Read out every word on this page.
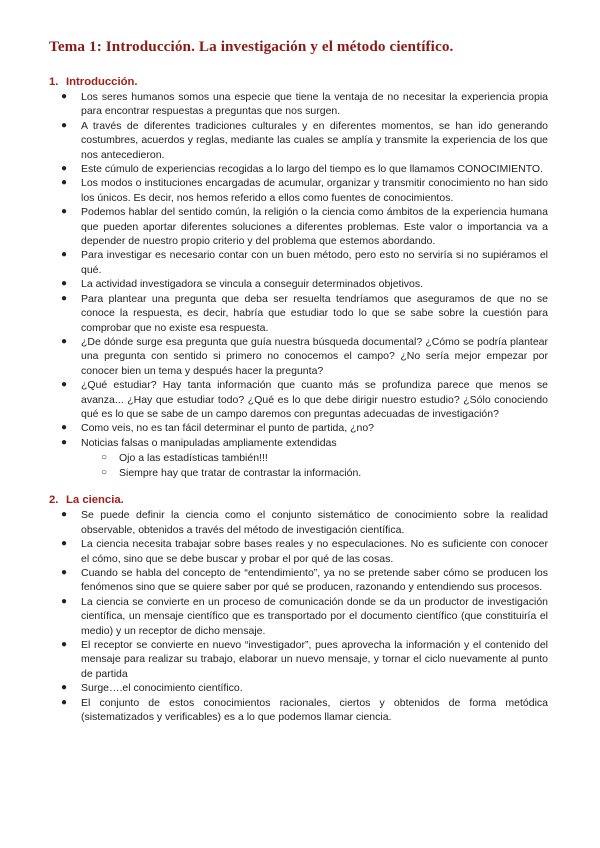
Tema 1: Introducción. La investigación y el método científico.
1. Introducción.
● Los seres humanos somos una especie que tiene la ventaja de no necesitar la experiencia propia para encontrar respuestas a preguntas que nos surgen.
● A través de diferentes tradiciones culturales y en diferentes momentos, se han ido generando costumbres, acuerdos y reglas, mediante las cuales se amplía y transmite la experiencia de los que nos antecedieron.
● Este cúmulo de experiencias recogidas a lo largo del tiempo es lo que llamamos CONOCIMIENTO.
● Los modos o instituciones encargadas de acumular, organizar y transmitir conocimiento no han sido los únicos. Es decir, nos hemos referido a ellos como fuentes de conocimientos.
● Podemos hablar del sentido común, la religión o la ciencia como ámbitos de la experiencia humana que pueden aportar diferentes soluciones a diferentes problemas. Este valor o importancia va a depender de nuestro propio criterio y del problema que estemos abordando.
● Para investigar es necesario contar con un buen método, pero esto no serviría si no supiéramos el qué.
● La actividad investigadora se vincula a conseguir determinados objetivos.
● Para plantear una pregunta que deba ser resuelta tendríamos que aseguramos de que no se conoce la respuesta, es decir, habría que estudiar todo lo que se sabe sobre la cuestión para comprobar que no existe esa respuesta.
● ¿De dónde surge esa pregunta que guía nuestra búsqueda documental? ¿Cómo se podría plantear una pregunta con sentido si primero no conocemos el campo? ¿No sería mejor empezar por conocer bien un tema y después hacer la pregunta?
● ¿Qué estudiar? Hay tanta información que cuanto más se profundiza parece que menos se avanza... ¿Hay que estudiar todo? ¿Qué es lo que debe dirigir nuestro estudio? ¿Sólo conociendo qué es lo que se sabe de un campo daremos con preguntas adecuadas de investigación?
● Como veis, no es tan fácil determinar el punto de partida, ¿no?
● Noticias falsas o manipuladas ampliamente extendidas
○ Ojo a las estadísticas también!!!
○ Siempre hay que tratar de contrastar la información.
2. La ciencia.
● Se puede definir la ciencia como el conjunto sistemático de conocimiento sobre la realidad observable, obtenidos a través del método de investigación científica.
● La ciencia necesita trabajar sobre bases reales y no especulaciones. No es suficiente con conocer el cómo, sino que se debe buscar y probar el por qué de las cosas.
● Cuando se habla del concepto de “entendimiento”, ya no se pretende saber cómo se producen los fenómenos sino que se quiere saber por qué se producen, razonando y entendiendo sus procesos.
● La ciencia se convierte en un proceso de comunicación donde se da un productor de investigación científica, un mensaje científico que es transportado por el documento científico (que constituiría el medio) y un receptor de dicho mensaje.
● El receptor se convierte en nuevo “investigador”, pues aprovecha la información y el contenido del mensaje para realizar su trabajo, elaborar un nuevo mensaje, y tornar el ciclo nuevamente al punto de partida
● Surge….el conocimiento científico.
● El conjunto de estos conocimientos racionales, ciertos y obtenidos de forma metódica (sistematizados y verificables) es a lo que podemos llamar ciencia.
